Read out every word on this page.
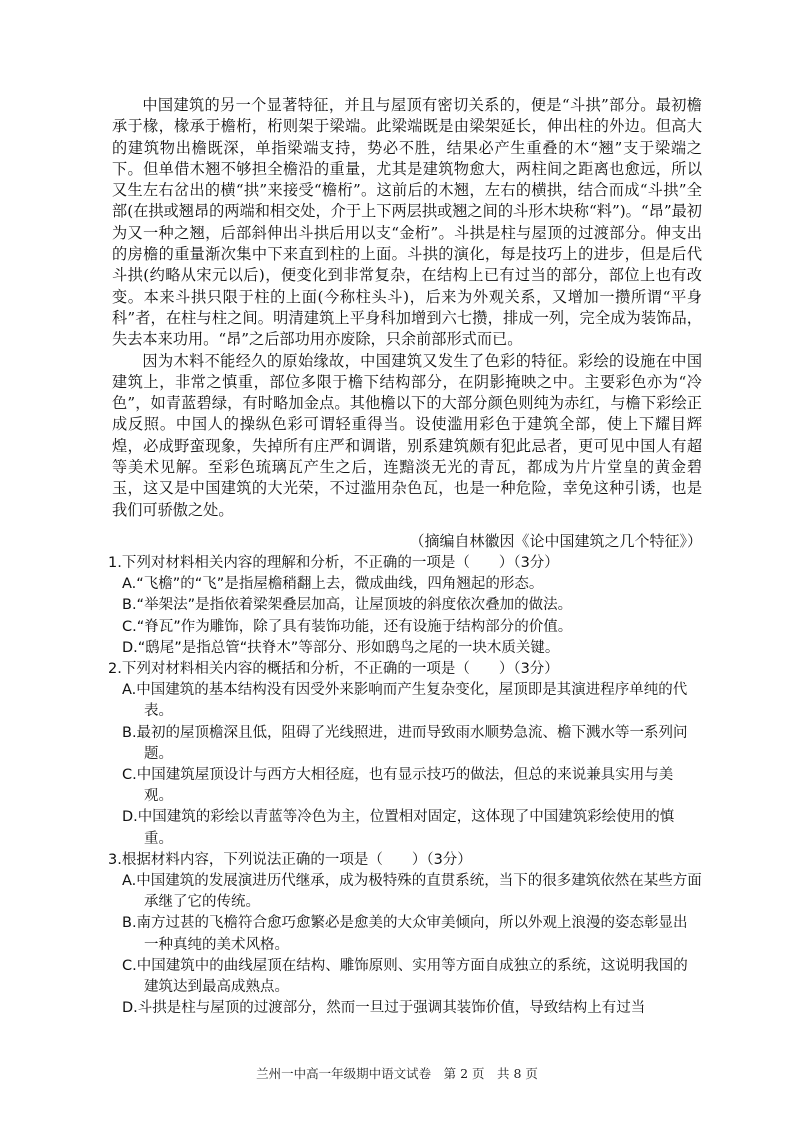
中国建筑的另一个显著特征，并且与屋顶有密切关系的，便是“斗拱”部分。最初檐承于椽，椽承于檐桁，桁则架于梁端。此梁端既是由梁架延长，伸出柱的外边。但高大的建筑物出檐既深，单指梁端支持，势必不胜，结果必产生重叠的木“翘”支于梁端之下。但单借木翘不够担全檐沿的重量，尤其是建筑物愈大，两柱间之距离也愈远，所以又生左右岔出的横“拱”来接受“檐桁”。这前后的木翘，左右的横拱，结合而成“斗拱”全部(在拱或翘昂的两端和相交处，介于上下两层拱或翘之间的斗形木块称“料”)。“昂”最初为又一种之翘，后部斜伸出斗拱后用以支“金桁”。斗拱是柱与屋顶的过渡部分。伸支出的房檐的重量渐次集中下来直到柱的上面。斗拱的演化，每是技巧上的进步，但是后代斗拱(约略从宋元以后)，便变化到非常复杂，在结构上已有过当的部分，部位上也有改变。本来斗拱只限于柱的上面(今称柱头斗)，后来为外观关系，又增加一攒所谓“平身科”者，在柱与柱之间。明清建筑上平身科加增到六七攒，排成一列，完全成为装饰品，失去本来功用。“昂”之后部功用亦废除，只余前部形式而已。

因为木料不能经久的原始缘故，中国建筑又发生了色彩的特征。彩绘的设施在中国建筑上，非常之慎重，部位多限于檐下结构部分，在阴影掩映之中。主要彩色亦为“冷色”，如青蓝碧绿，有时略加金点。其他檐以下的大部分颜色则纯为赤红，与檐下彩绘正成反照。中国人的操纵色彩可谓轻重得当。设使滥用彩色于建筑全部，使上下耀目辉煌，必成野蛮现象，失掉所有庄严和调谐，别系建筑颇有犯此忌者，更可见中国人有超等美术见解。至彩色琉璃瓦产生之后，连黯淡无光的青瓦，都成为片片堂皇的黄金碧玉，这又是中国建筑的大光荣，不过滥用杂色瓦，也是一种危险，幸免这种引诱，也是我们可骄傲之处。

（摘编自林徽因《论中国建筑之几个特征》）

1.下列对材料相关内容的理解和分析，不正确的一项是（　　）（3分）

A.“飞檐”的“飞”是指屋檐稍翻上去，微成曲线，四角翘起的形态。

B.“举架法”是指依着梁架叠层加高，让屋顶坡的斜度依次叠加的做法。

C.“脊瓦”作为雕饰，除了具有装饰功能，还有设施于结构部分的价值。

D.“鸱尾”是指总管“扶脊木”等部分、形如鸱鸟之尾的一块木质关键。

2.下列对材料相关内容的概括和分析，不正确的一项是（　　）（3分）

A.中国建筑的基本结构没有因受外来影响而产生复杂变化，屋顶即是其演进程序单纯的代表。

B.最初的屋顶檐深且低，阻碍了光线照进，进而导致雨水顺势急流、檐下溅水等一系列问题。

C.中国建筑屋顶设计与西方大相径庭，也有显示技巧的做法，但总的来说兼具实用与美观。

D.中国建筑的彩绘以青蓝等冷色为主，位置相对固定，这体现了中国建筑彩绘使用的慎重。

3.根据材料内容，下列说法正确的一项是（　　）（3分）

A.中国建筑的发展演进历代继承，成为极特殊的直贯系统，当下的很多建筑依然在某些方面承继了它的传统。

B.南方过甚的飞檐符合愈巧愈繁必是愈美的大众审美倾向，所以外观上浪漫的姿态彰显出一种真纯的美术风格。

C.中国建筑中的曲线屋顶在结构、雕饰原则、实用等方面自成独立的系统，这说明我国的建筑达到最高成熟点。

D.斗拱是柱与屋顶的过渡部分，然而一旦过于强调其装饰价值，导致结构上有过当

兰州一中高一年级期中语文试卷　第 2 页　共 8 页
